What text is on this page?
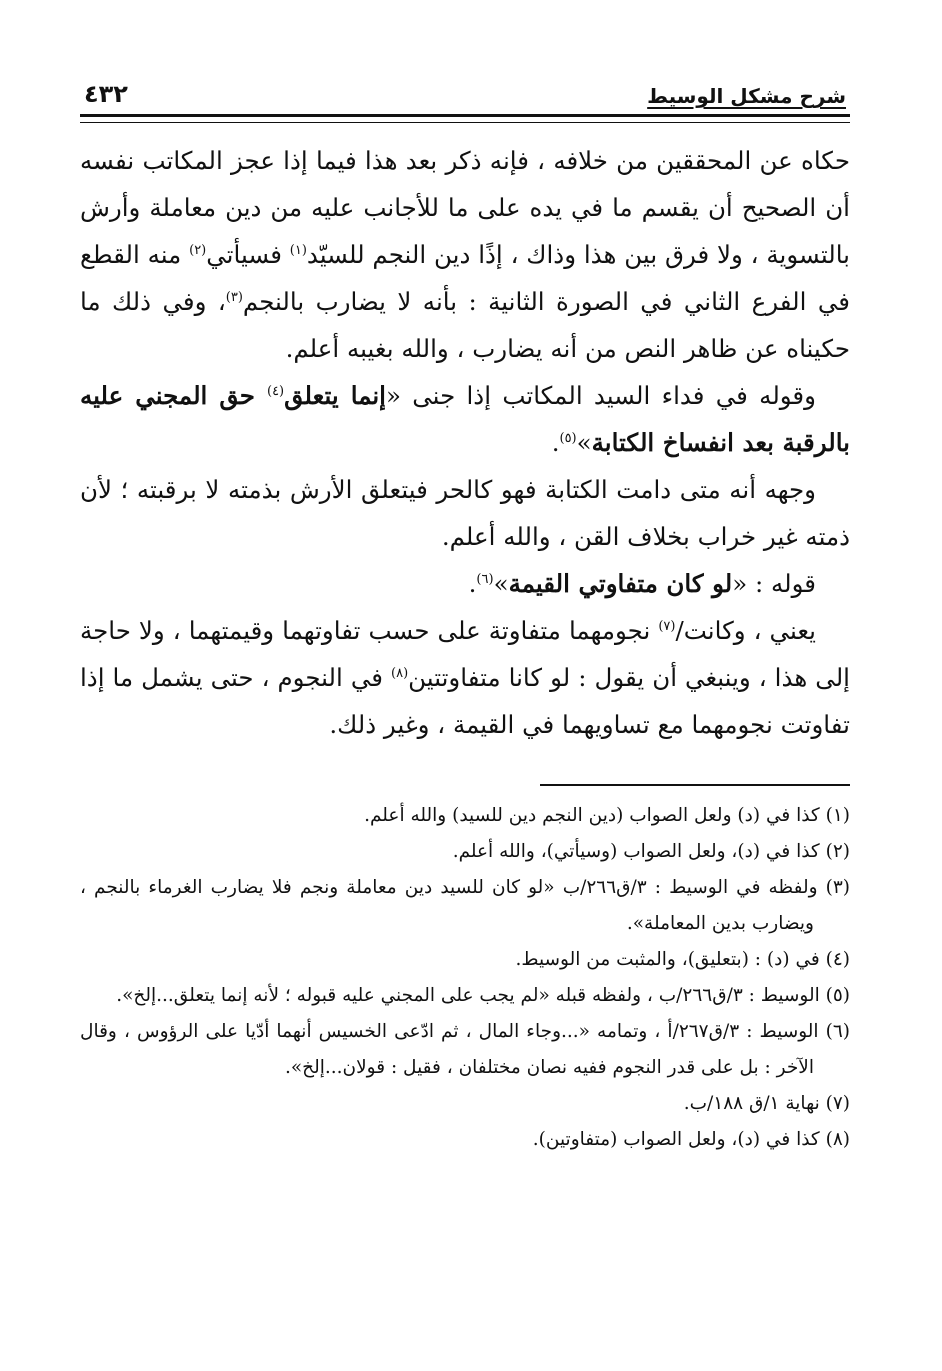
شرح مشكل الوسيط
٤٣٢

حكاه عن المحققين من خلافه ، فإنه ذكر بعد هذا فيما إذا عجز المكاتب نفسه أن الصحيح أن يقسم ما في يده على ما للأجانب عليه من دين معاملة وأرش بالتسوية ، ولا فرق بين هذا وذاك ، إذًا دين النجم للسيّد$^{(١)}$ فسيأتي$^{(٢)}$ منه القطع في الفرع الثاني في الصورة الثانية : بأنه لا يضارب بالنجم$^{(٣)}$، وفي ذلك ما حكيناه عن ظاهر النص من أنه يضارب ، والله بغيبه أعلم.

وقوله في فداء السيد المكاتب إذا جنى «إنما يتعلق$^{(٤)}$ حق المجني عليه بالرقبة بعد انفساخ الكتابة»$^{(٥)}$.

وجهه أنه متى دامت الكتابة فهو كالحر فيتعلق الأرش بذمته لا برقبته ؛ لأن ذمته غير خراب بخلاف القن ، والله أعلم.

قوله : «لو كان متفاوتي القيمة»$^{(٦)}$.

يعني ، وكانت/$^{(٧)}$ نجومهما متفاوتة على حسب تفاوتهما وقيمتهما ، ولا حاجة إلى هذا ، وينبغي أن يقول : لو كانا متفاوتتين$^{(٨)}$ في النجوم ، حتى يشمل ما إذا تفاوتت نجومهما مع تساويهما في القيمة ، وغير ذلك.

(١) كذا في (د) ولعل الصواب (دين النجم دين للسيد) والله أعلم.

(٢) كذا في (د)، ولعل الصواب (وسيأتي)، والله أعلم.

(٣) ولفظه في الوسيط : ٣/ق٢٦٦/ب «لو كان للسيد دين معاملة ونجم فلا يضارب الغرماء بالنجم ، ويضارب بدين المعاملة».

(٤) في (د) : (بتعليق)، والمثبت من الوسيط.

(٥) الوسيط : ٣/ق٢٦٦/ب ، ولفظه قبله «لم يجب على المجني عليه قبوله ؛ لأنه إنما يتعلق...إلخ».

(٦) الوسيط : ٣/ق٢٦٧/أ ، وتمامه «...وجاء المال ، ثم ادّعى الخسيس أنهما أدّيا على الرؤوس ، وقال الآخر : بل على قدر النجوم ففيه نصان مختلفان ، فقيل : قولان...إلخ».

(٧) نهاية ١/ق ١٨٨/ب.

(٨) كذا في (د)، ولعل الصواب (متفاوتين).
